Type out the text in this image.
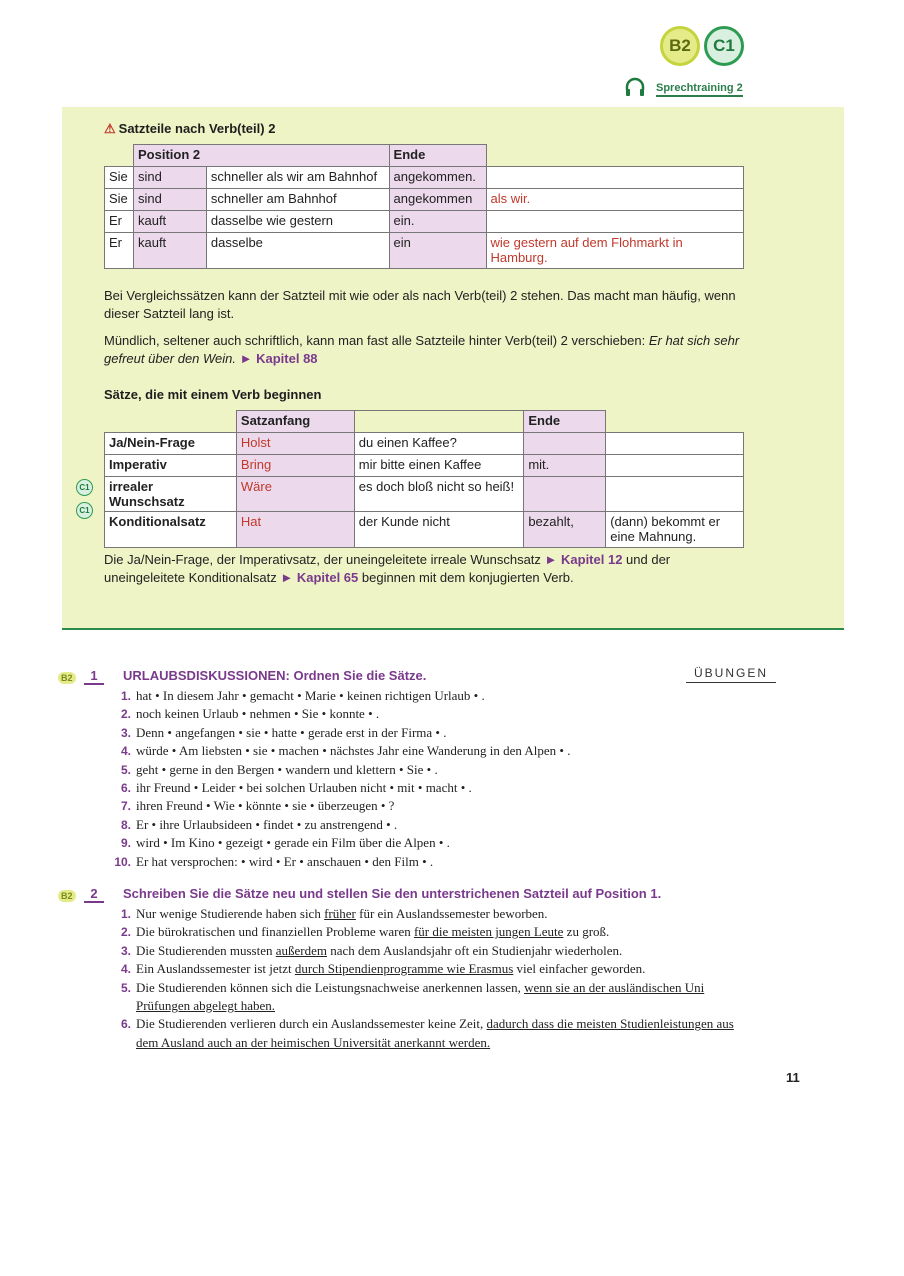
B2	C1
Sprechtraining 2
⚠ Satzteile nach Verb(teil) 2
	Position 2		Ende	
Sie	sind	schneller als wir am Bahnhof	angekommen.	
Sie	sind	schneller am Bahnhof	angekommen	als wir.
Er	kauft	dasselbe wie gestern	ein.	
Er	kauft	dasselbe	ein	wie gestern auf dem Flohmarkt in Hamburg.
Bei Vergleichssätzen kann der Satzteil mit wie oder als nach Verb(teil) 2 stehen. Das macht man häufig, wenn dieser Satzteil lang ist.
Mündlich, seltener auch schriftlich, kann man fast alle Satzteile hinter Verb(teil) 2 verschieben: Er hat sich sehr gefreut über den Wein. ► Kapitel 88
Sätze, die mit einem Verb beginnen
	Satzanfang		Ende	
Ja/Nein-Frage	Holst	du einen Kaffee?		
Imperativ	Bring	mir bitte einen Kaffee	mit.	
irrealer Wunschsatz	Wäre	es doch bloß nicht so heiß!		
Konditionalsatz	Hat	der Kunde nicht	bezahlt,	(dann) bekommt er eine Mahnung.
C1
C1
Die Ja/Nein-Frage, der Imperativsatz, der uneingeleitete irreale Wunschsatz ► Kapitel 12 und der uneingeleitete Konditionalsatz ► Kapitel 65 beginnen mit dem konjugierten Verb.
ÜBUNGEN
B2	1	URLAUBSDISKUSSIONEN: Ordnen Sie die Sätze.
1. hat • In diesem Jahr • gemacht • Marie • keinen richtigen Urlaub • .
2. noch keinen Urlaub • nehmen • Sie • konnte • .
3. Denn • angefangen • sie • hatte • gerade erst in der Firma • .
4. würde • Am liebsten • sie • machen • nächstes Jahr eine Wanderung in den Alpen • .
5. geht • gerne in den Bergen • wandern und klettern • Sie • .
6. ihr Freund • Leider • bei solchen Urlauben nicht • mit • macht • .
7. ihren Freund • Wie • könnte • sie • überzeugen • ?
8. Er • ihre Urlaubsideen • findet • zu anstrengend • .
9. wird • Im Kino • gezeigt • gerade ein Film über die Alpen • .
10. Er hat versprochen: • wird • Er • anschauen • den Film • .
B2	2	Schreiben Sie die Sätze neu und stellen Sie den unterstrichenen Satzteil auf Position 1.
1. Nur wenige Studierende haben sich früher für ein Auslandssemester beworben.
2. Die bürokratischen und finanziellen Probleme waren für die meisten jungen Leute zu groß.
3. Die Studierenden mussten außerdem nach dem Auslandsjahr oft ein Studienjahr wiederholen.
4. Ein Auslandssemester ist jetzt durch Stipendienprogramme wie Erasmus viel einfacher geworden.
5. Die Studierenden können sich die Leistungsnachweise anerkennen lassen, wenn sie an der ausländischen Uni Prüfungen abgelegt haben.
6. Die Studierenden verlieren durch ein Auslandssemester keine Zeit, dadurch dass die meisten Studienleistungen aus dem Ausland auch an der heimischen Universität anerkannt werden.
11
